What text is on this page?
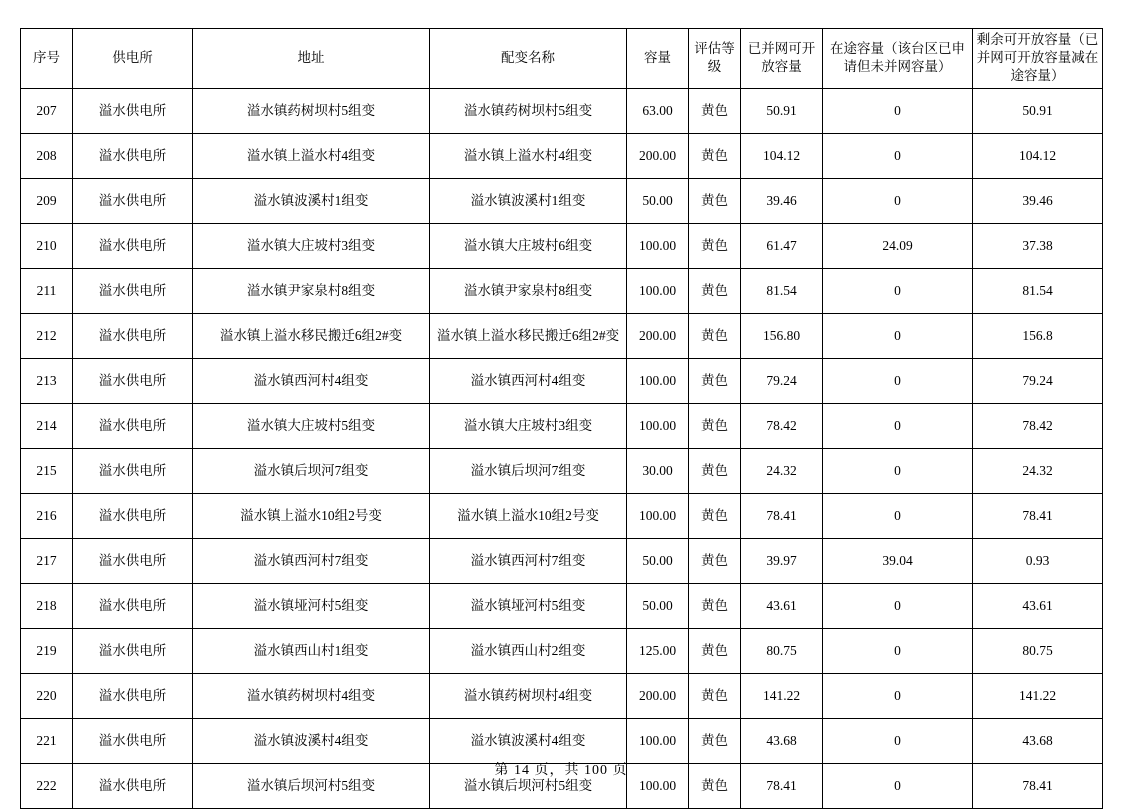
序号	供电所	地址	配变名称	容量	评估等级	已并网可开放容量	在途容量（该台区已申请但未并网容量）	剩余可开放容量（已并网可开放容量减在途容量）
207	溢水供电所	溢水镇药树坝村5组变	溢水镇药树坝村5组变	63.00	黄色	50.91	0	50.91
208	溢水供电所	溢水镇上溢水村4组变	溢水镇上溢水村4组变	200.00	黄色	104.12	0	104.12
209	溢水供电所	溢水镇波溪村1组变	溢水镇波溪村1组变	50.00	黄色	39.46	0	39.46
210	溢水供电所	溢水镇大庄坡村3组变	溢水镇大庄坡村6组变	100.00	黄色	61.47	24.09	37.38
211	溢水供电所	溢水镇尹家泉村8组变	溢水镇尹家泉村8组变	100.00	黄色	81.54	0	81.54
212	溢水供电所	溢水镇上溢水移民搬迁6组2#变	溢水镇上溢水移民搬迁6组2#变	200.00	黄色	156.80	0	156.8
213	溢水供电所	溢水镇西河村4组变	溢水镇西河村4组变	100.00	黄色	79.24	0	79.24
214	溢水供电所	溢水镇大庄坡村5组变	溢水镇大庄坡村3组变	100.00	黄色	78.42	0	78.42
215	溢水供电所	溢水镇后坝河7组变	溢水镇后坝河7组变	30.00	黄色	24.32	0	24.32
216	溢水供电所	溢水镇上溢水10组2号变	溢水镇上溢水10组2号变	100.00	黄色	78.41	0	78.41
217	溢水供电所	溢水镇西河村7组变	溢水镇西河村7组变	50.00	黄色	39.97	39.04	0.93
218	溢水供电所	溢水镇垭河村5组变	溢水镇垭河村5组变	50.00	黄色	43.61	0	43.61
219	溢水供电所	溢水镇西山村1组变	溢水镇西山村2组变	125.00	黄色	80.75	0	80.75
220	溢水供电所	溢水镇药树坝村4组变	溢水镇药树坝村4组变	200.00	黄色	141.22	0	141.22
221	溢水供电所	溢水镇波溪村4组变	溢水镇波溪村4组变	100.00	黄色	43.68	0	43.68
222	溢水供电所	溢水镇后坝河村5组变	溢水镇后坝河村5组变	100.00	黄色	78.41	0	78.41
第 14 页，共 100 页
